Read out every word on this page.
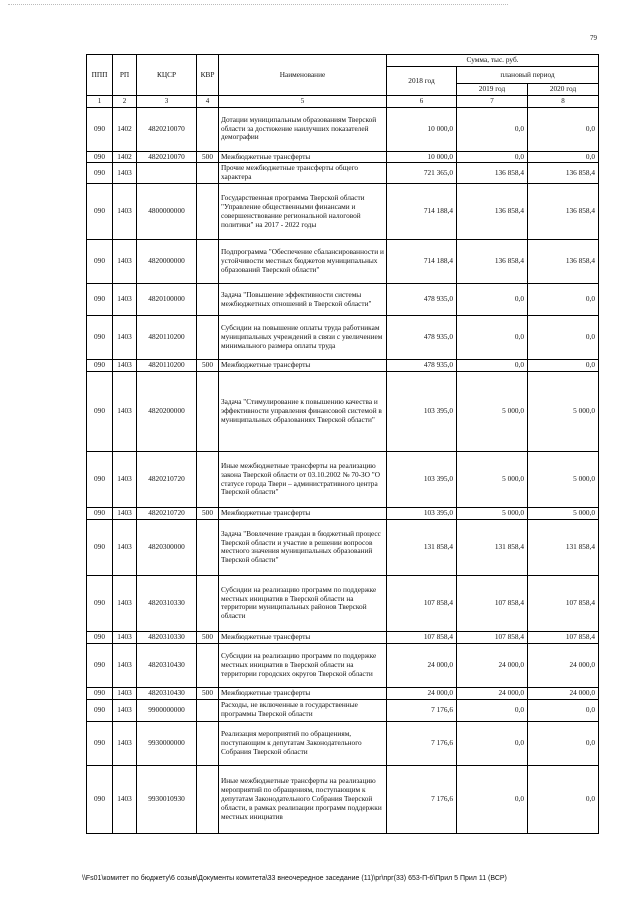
79
ППП	РП	КЦСР	КВР	Наименование	Сумма, тыс. руб.		
					2018 год	плановый период	
						2019 год	2020 год
1	2	3	4	5	6	7	8
090	1402	4820210070		Дотации муниципальным образованиям Тверской области за достижение наилучших показателей демографии	10 000,0	0,0	0,0
090	1402	4820210070	500	Межбюджетные трансферты	10 000,0	0,0	0,0
090	1403			Прочие межбюджетные трансферты общего характера	721 365,0	136 858,4	136 858,4
090	1403	4800000000		Государственная программа Тверской области "Управление общественными финансами и совершенствование региональной налоговой политики" на 2017 - 2022 годы	714 188,4	136 858,4	136 858,4
090	1403	4820000000		Подпрограмма "Обеспечение сбалансированности и устойчивости местных бюджетов муниципальных образований Тверской области"	714 188,4	136 858,4	136 858,4
090	1403	4820100000		Задача "Повышение эффективности системы межбюджетных отношений в Тверской области"	478 935,0	0,0	0,0
090	1403	4820110200		Субсидии на повышение оплаты труда работникам муниципальных учреждений в связи с увеличением минимального размера оплаты труда	478 935,0	0,0	0,0
090	1403	4820110200	500	Межбюджетные трансферты	478 935,0	0,0	0,0
090	1403	4820200000		Задача "Стимулирование к повышению качества и эффективности управления финансовой системой в муниципальных образованиях Тверской области"	103 395,0	5 000,0	5 000,0
090	1403	4820210720		Иные межбюджетные трансферты на реализацию закона Тверской области от 03.10.2002 № 70-ЗО "О статусе города Твери – административного центра Тверской области"	103 395,0	5 000,0	5 000,0
090	1403	4820210720	500	Межбюджетные трансферты	103 395,0	5 000,0	5 000,0
090	1403	4820300000		Задача "Вовлечение граждан в бюджетный процесс Тверской области и участие в решении вопросов местного значения муниципальных образований Тверской области"	131 858,4	131 858,4	131 858,4
090	1403	4820310330		Субсидии на реализацию программ по поддержке местных инициатив в Тверской области на территории муниципальных районов Тверской области	107 858,4	107 858,4	107 858,4
090	1403	4820310330	500	Межбюджетные трансферты	107 858,4	107 858,4	107 858,4
090	1403	4820310430		Субсидии на реализацию программ по поддержке местных инициатив в Тверской области на территории городских округов Тверской области	24 000,0	24 000,0	24 000,0
090	1403	4820310430	500	Межбюджетные трансферты	24 000,0	24 000,0	24 000,0
090	1403	9900000000		Расходы, не включенные в государственные программы Тверской области	7 176,6	0,0	0,0
090	1403	9930000000		Реализация мероприятий по обращениям, поступающим к депутатам Законодательного Собрания Тверской области	7 176,6	0,0	0,0
090	1403	9930010930		Иные межбюджетные трансферты на реализацию мероприятий по обращениям, поступающим к депутатам Законодательного Собрания Тверской области, в рамках реализации программ поддержки местных инициатив	7 176,6	0,0	0,0
\\Fs01\комитет по бюджету\6 созыв\Документы комитета\33 внеочередное заседание (11)\pr\прг(33) 653-П-6\Прил 5 Прил 11 (ВСР)
